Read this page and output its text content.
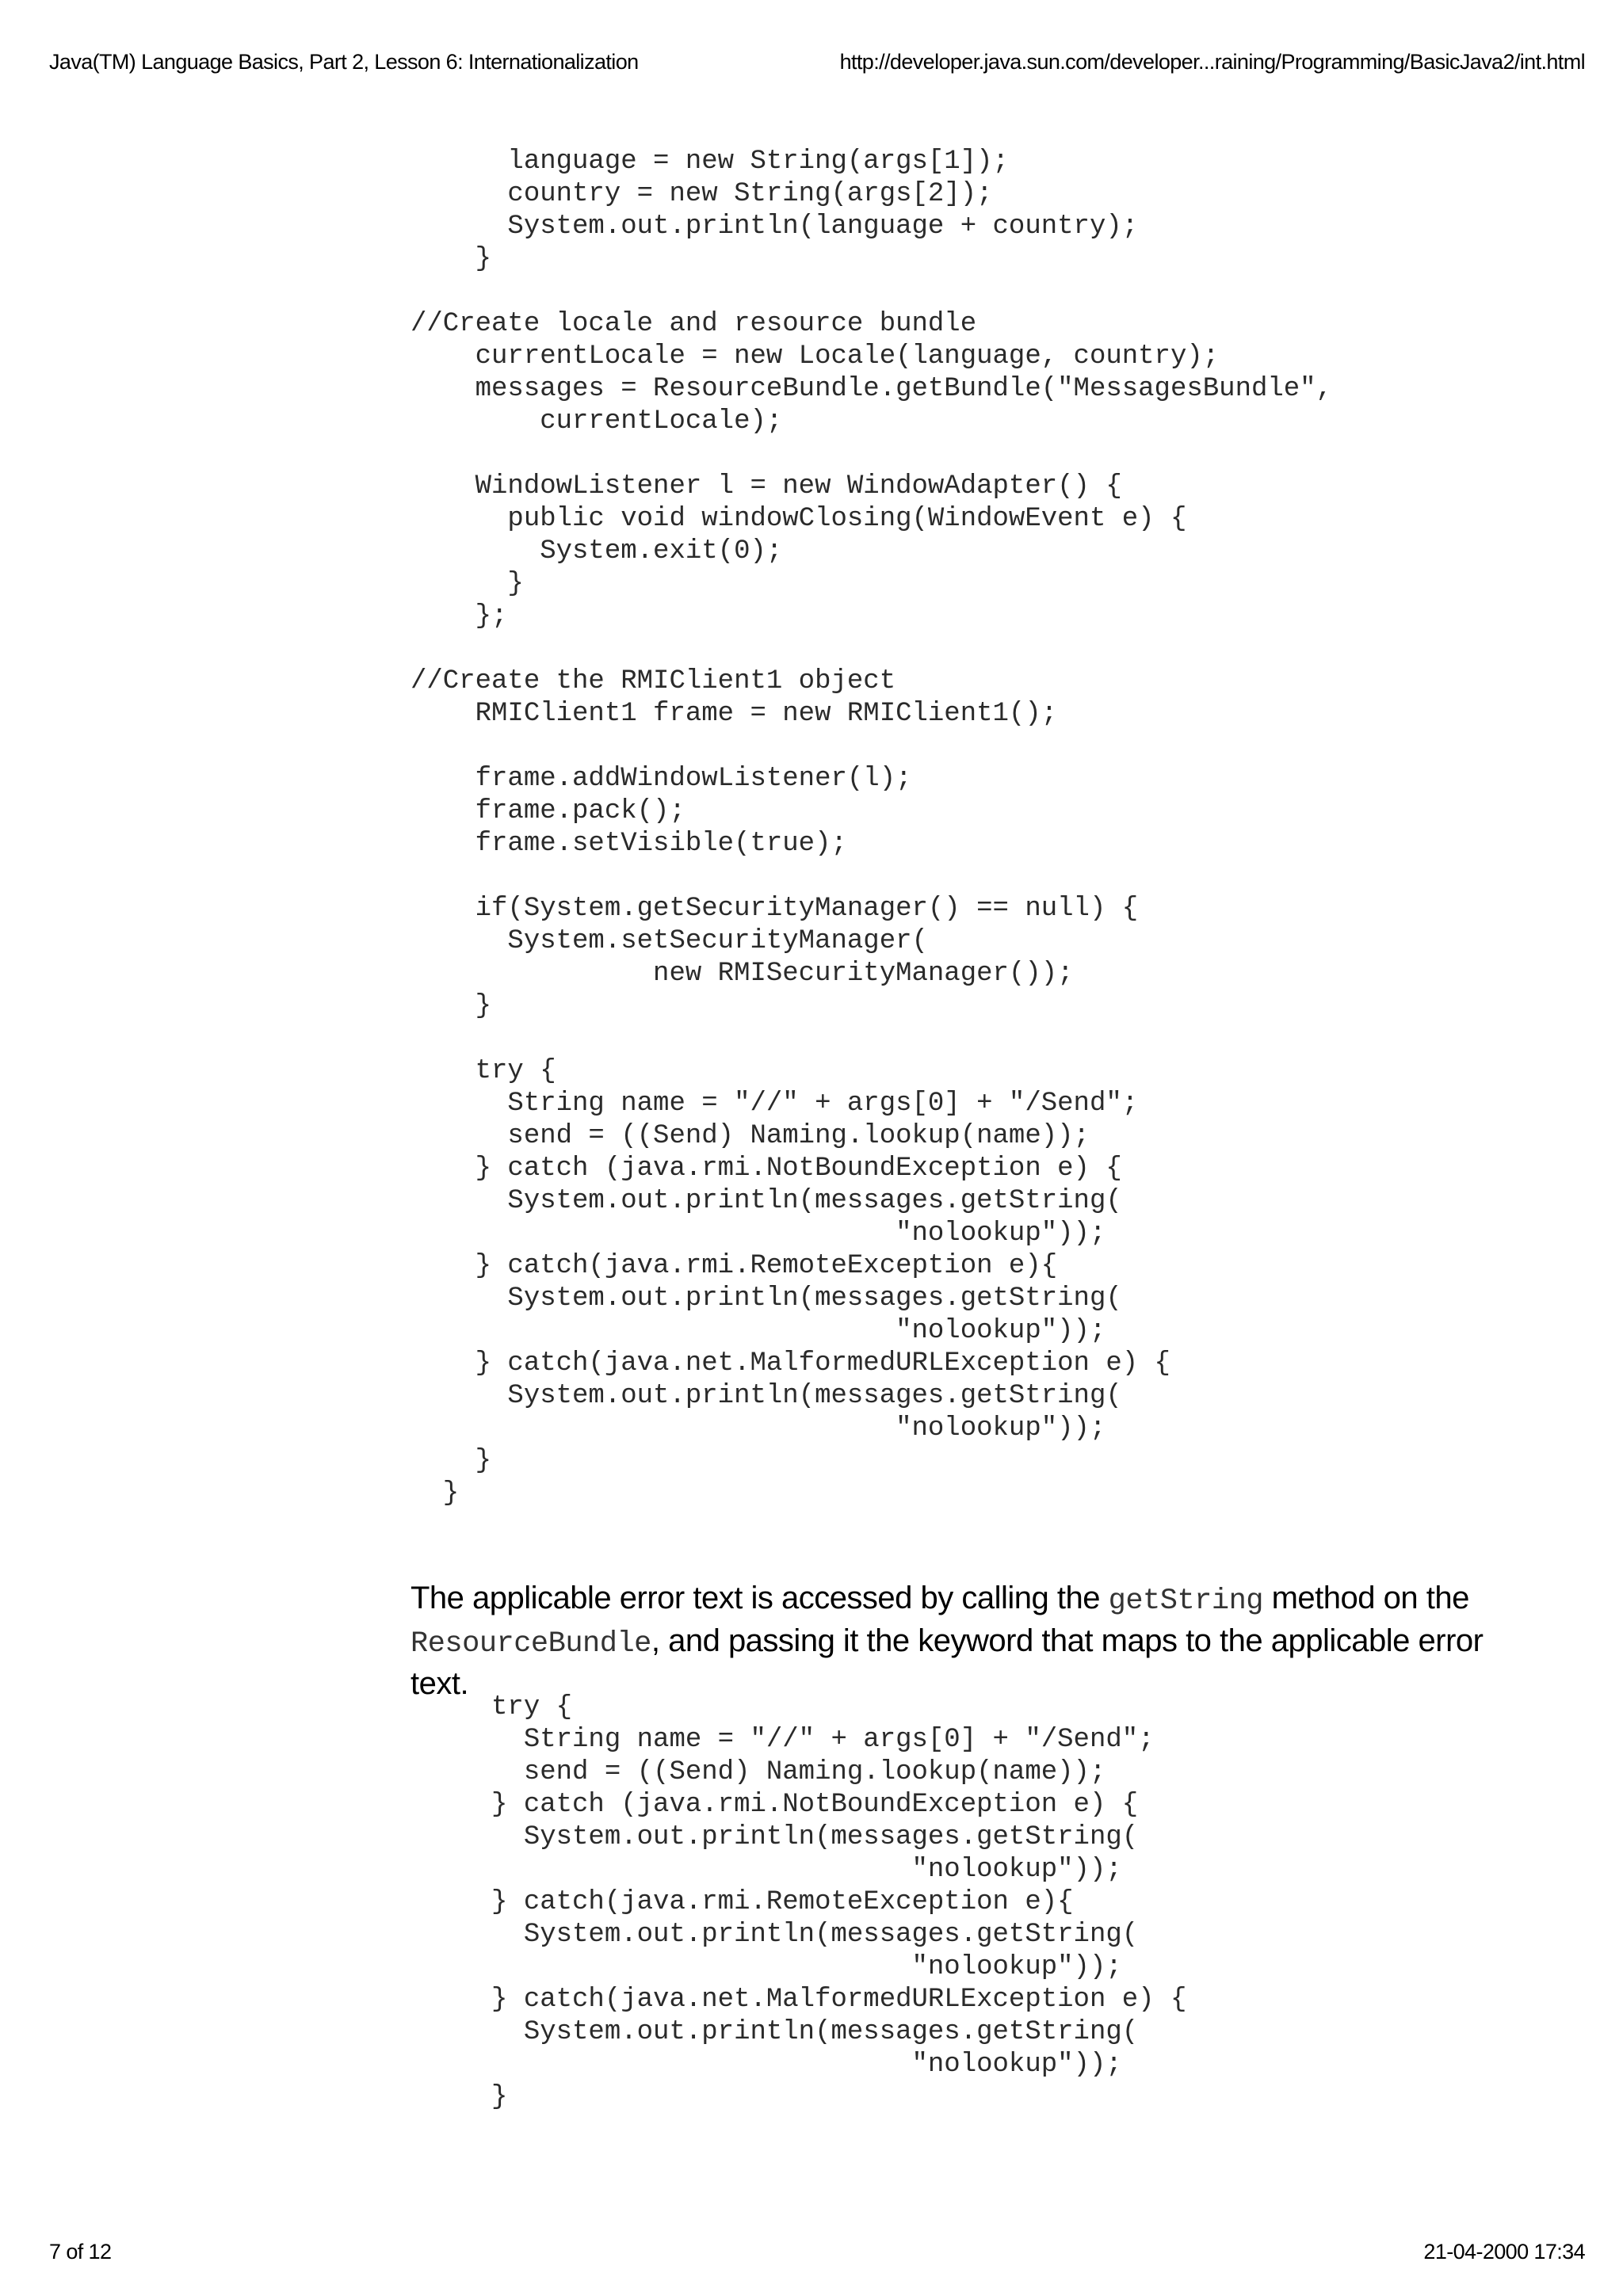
Java(TM) Language Basics, Part 2, Lesson 6: Internationalization	http://developer.java.sun.com/developer...raining/Programming/BasicJava2/int.html
language = new String(args[1]);
country = new String(args[2]);
System.out.println(language + country);
}

//Create locale and resource bundle
currentLocale = new Locale(language, country);
messages = ResourceBundle.getBundle("MessagesBundle",
currentLocale);

WindowListener l = new WindowAdapter() {
public void windowClosing(WindowEvent e) {
System.exit(0);
}
};

//Create the RMIClient1 object
RMIClient1 frame = new RMIClient1();

frame.addWindowListener(l);
frame.pack();
frame.setVisible(true);

if(System.getSecurityManager() == null) {
System.setSecurityManager(
new RMISecurityManager());
}

try {
String name = "//" + args[0] + "/Send";
send = ((Send) Naming.lookup(name));
} catch (java.rmi.NotBoundException e) {
System.out.println(messages.getString(
"nolookup"));
} catch(java.rmi.RemoteException e){
System.out.println(messages.getString(
"nolookup"));
} catch(java.net.MalformedURLException e) {
System.out.println(messages.getString(
"nolookup"));
}
}

The applicable error text is accessed by calling the getString method on the ResourceBundle, and passing it the keyword that maps to the applicable error text.

try {
String name = "//" + args[0] + "/Send";
send = ((Send) Naming.lookup(name));
} catch (java.rmi.NotBoundException e) {
System.out.println(messages.getString(
"nolookup"));
} catch(java.rmi.RemoteException e){
System.out.println(messages.getString(
"nolookup"));
} catch(java.net.MalformedURLException e) {
System.out.println(messages.getString(
"nolookup"));
}
7 of 12	21-04-2000 17:34
